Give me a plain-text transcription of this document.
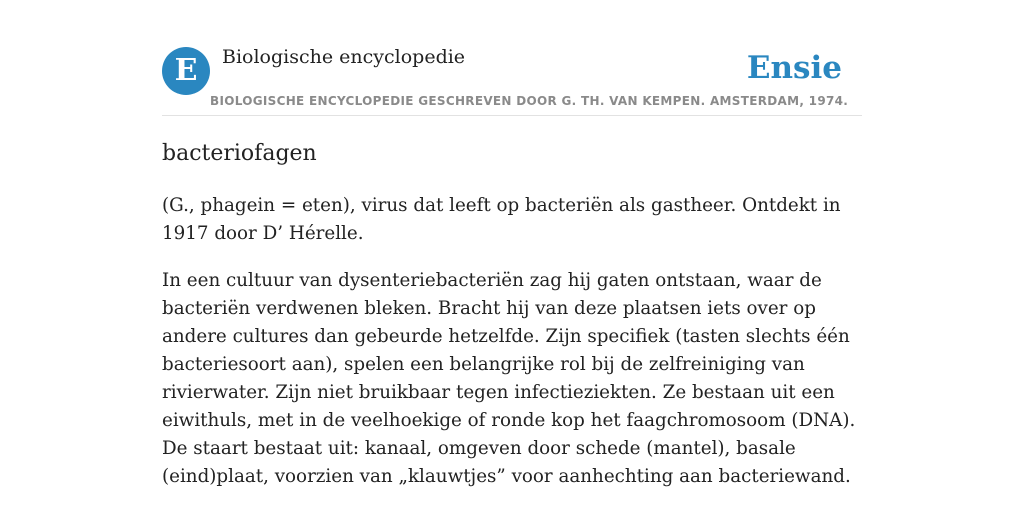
E Biologische encyclopedie	Ensie
BIOLOGISCHE ENCYCLOPEDIE GESCHREVEN DOOR G. TH. VAN KEMPEN. AMSTERDAM, 1974.
bacteriofagen

(G., phagein = eten), virus dat leeft op bacteriën als gastheer. Ontdekt in 1917 door D’ Hérelle.

In een cultuur van dysenteriebacteriën zag hij gaten ontstaan, waar de bacteriën verdwenen bleken. Bracht hij van deze plaatsen iets over op andere cultures dan gebeurde hetzelfde. Zijn specifiek (tasten slechts één bacteriesoort aan), spelen een belangrijke rol bij de zelfreiniging van rivierwater. Zijn niet bruikbaar tegen infectieziekten. Ze bestaan uit een eiwithuls, met in de veelhoekige of ronde kop het faagchromosoom (DNA). De staart bestaat uit: kanaal, omgeven door schede (mantel), basale (eind)plaat, voorzien van „klauwtjes” voor aanhechting aan bacteriewand.
